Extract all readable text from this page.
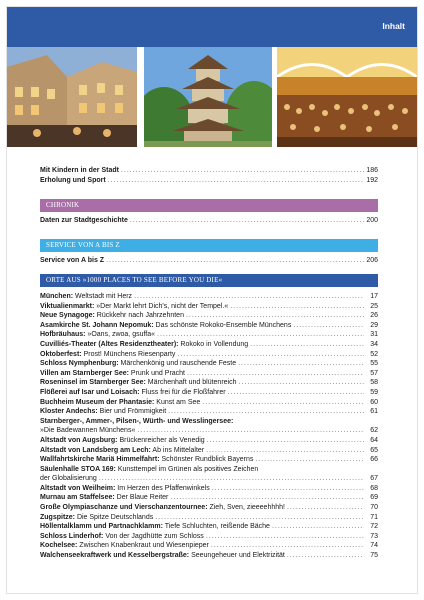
Inhalt
Mit Kindern in der Stadt .....	186
Erholung und Sport .....	192
CHRONIK
Daten zur Stadtgeschichte .....	200
SERVICE VON A BIS Z
Service von A bis Z .....	206
ORTE AUS »1000 PLACES TO SEE BEFORE YOU DIE«
München: Weltstadt mit Herz .....	17
Viktualienmarkt: »Der Markt lehrt Dich's, nicht der Tempel.« .....	25
Neue Synagoge: Rückkehr nach Jahrzehnten .....	26
Asamkirche St. Johann Nepomuk: Das schönste Rokoko-Ensemble Münchens .....	29
Hofbräuhaus: »Oans, zwoa, gsuffa« .....	31
Cuvilliés-Theater (Altes Residenztheater): Rokoko in Vollendung .....	34
Oktoberfest: Prost! Münchens Riesenparty .....	52
Schloss Nymphenburg: Märchenkönig und rauschende Feste .....	55
Villen am Starnberger See: Prunk und Pracht .....	57
Roseninsel im Starnberger See: Märchenhaft und blütenreich .....	58
Flößerei auf Isar und Loisach: Fluss frei für die Floßfahrer .....	59
Buchheim Museum der Phantasie: Kunst am See .....	60
Kloster Andechs: Bier und Frömmigkeit .....	61
Starnberger-, Ammer-, Pilsen-, Würth- und Wesslingersee:
»Die Badewannen Münchens« .....	62
Altstadt von Augsburg: Brückenreicher als Venedig .....	64
Altstadt von Landsberg am Lech: Ab ins Mittelalter .....	65
Wallfahrtskirche Mariä Himmelfahrt: Schönster Rundblick Bayerns .....	66
Säulenhalle STOA 169: Kunsttempel im Grünen als positives Zeichen
der Globalisierung .....	67
Altstadt von Weilheim: Im Herzen des Pfaffenwinkels .....	68
Murnau am Staffelsee: Der Blaue Reiter .....	69
Große Olympiaschanze und Vierschanzentournee: Zieh, Sven, zieeeehhhh! .....	70
Zugspitze: Die Spitze Deutschlands .....	71
Höllentalklamm und Partnachklamm: Tiefe Schluchten, reißende Bäche .....	72
Schloss Linderhof: Von der Jagdhütte zum Schloss .....	73
Kochelsee: Zwischen Knabenkraut und Wiesenpieper .....	74
Walchenseekraftwerk und Kesselbergstraße: Seeungeheuer und Elektrizität .....	75
